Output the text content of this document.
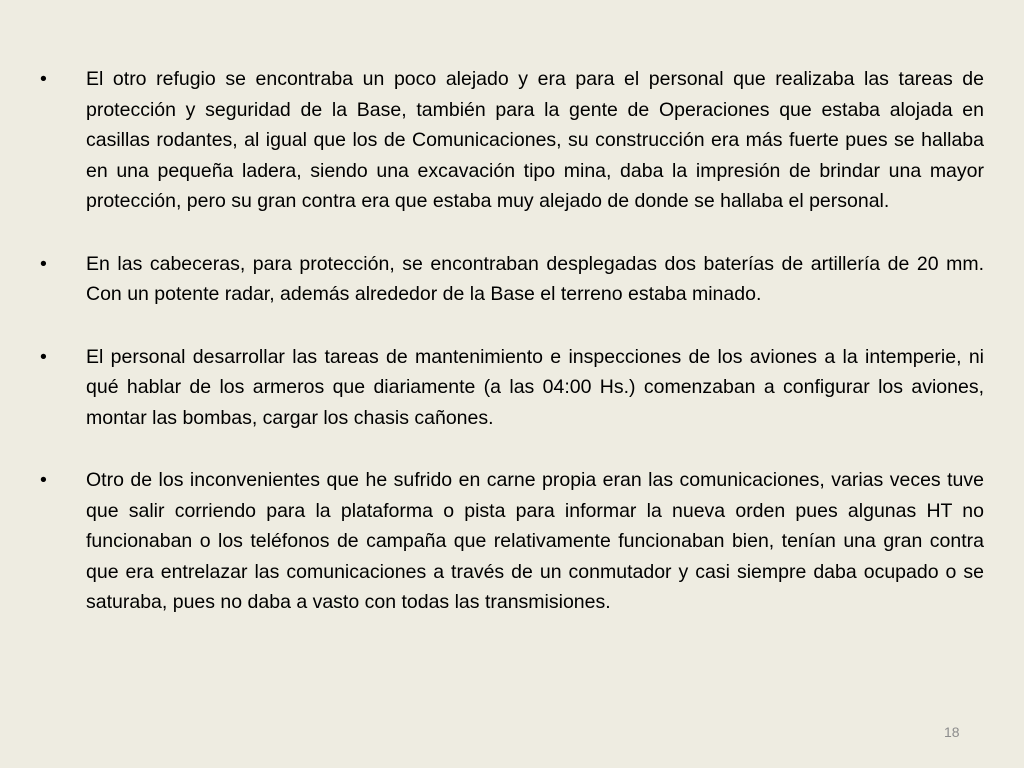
•	El otro refugio se encontraba un poco alejado y era para el personal que realizaba las tareas de protección y seguridad de la Base, también para la gente de Operaciones que estaba alojada en casillas rodantes, al igual que los de Comunicaciones, su construcción era más fuerte pues se hallaba en una pequeña ladera, siendo una excavación tipo mina, daba la impresión de brindar una mayor protección, pero su gran contra era que estaba muy alejado de donde se hallaba el personal.
•	En las cabeceras, para protección, se encontraban desplegadas dos baterías de artillería de 20 mm. Con un potente radar, además alrededor de la Base el terreno estaba minado.
•	El personal desarrollar las tareas de mantenimiento e inspecciones de los aviones a la intemperie, ni qué hablar de los armeros que diariamente (a las 04:00 Hs.) comenzaban a configurar los aviones, montar las bombas, cargar los chasis cañones.
•	Otro de los inconvenientes que he sufrido en carne propia eran las comunicaciones, varias veces tuve que salir corriendo para la plataforma o pista para informar la nueva orden pues algunas HT no funcionaban o los teléfonos de campaña que relativamente funcionaban bien, tenían una gran contra que era entrelazar las comunicaciones a través de un conmutador y casi siempre daba ocupado o se saturaba, pues no daba a vasto con todas las transmisiones.
18
